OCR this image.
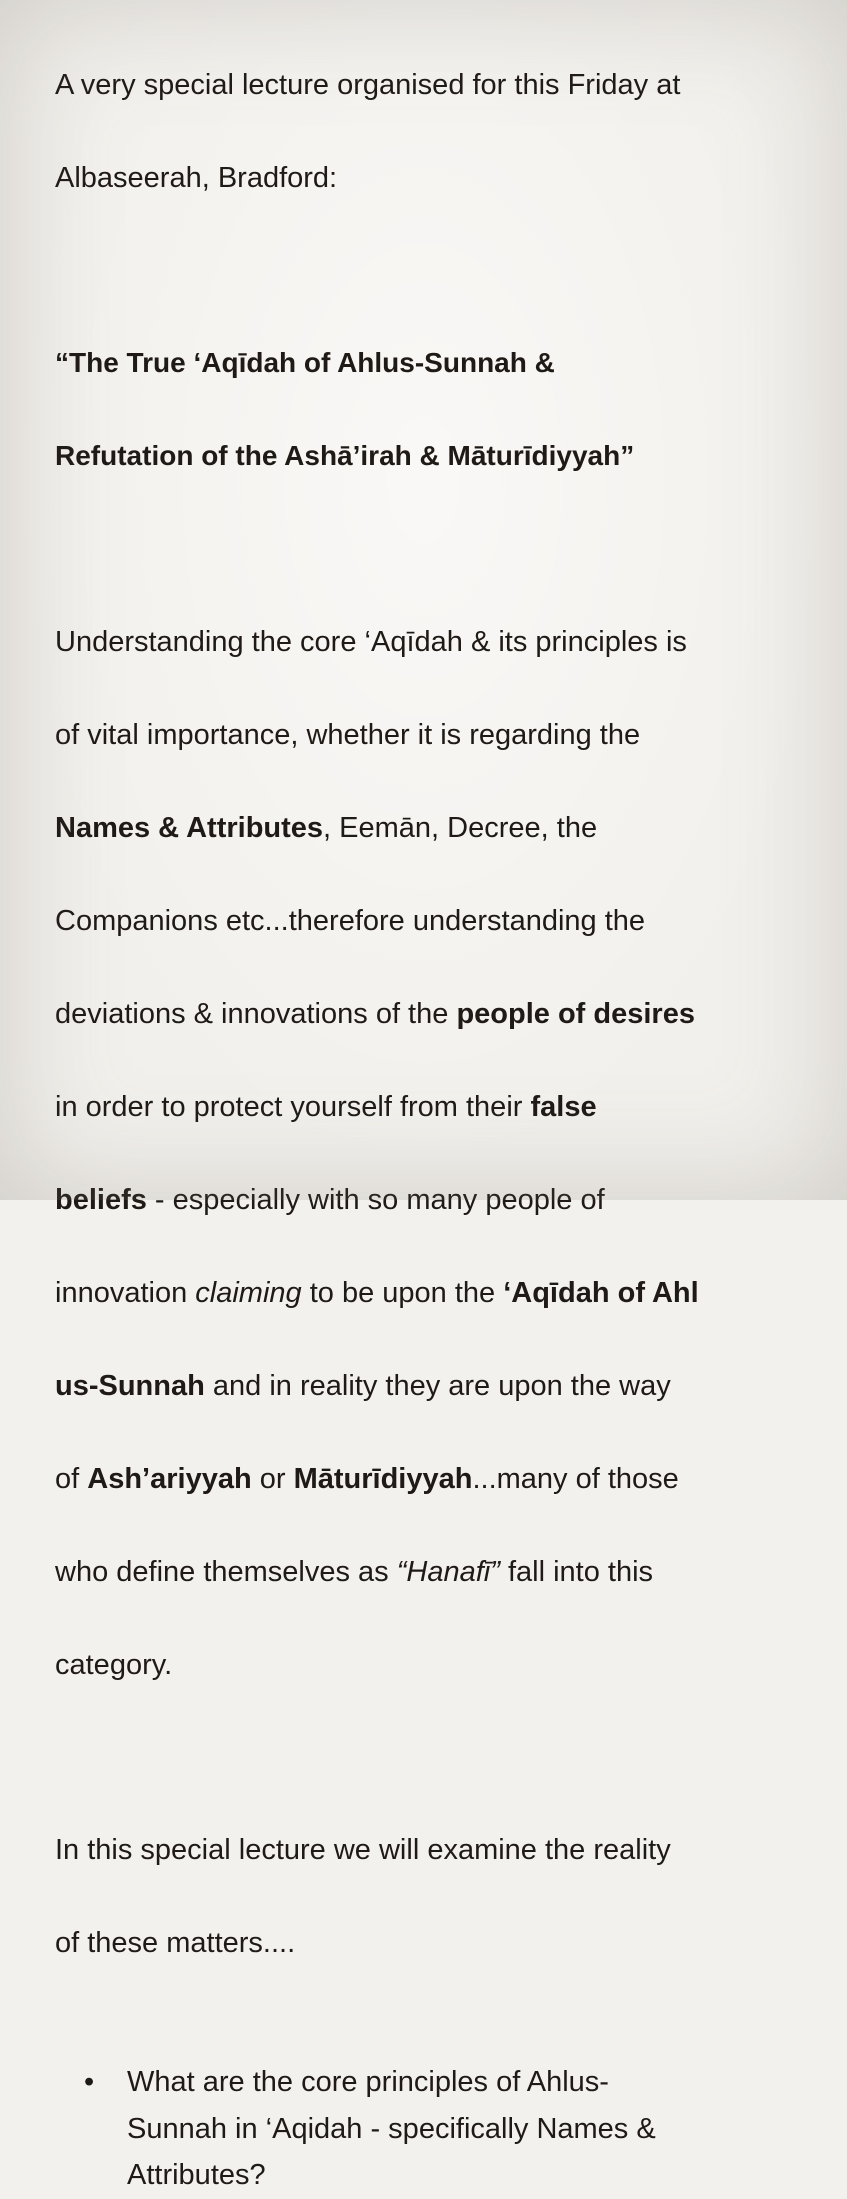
A very special lecture organised for this Friday at

Albaseerah, Bradford:

“The True ‘Aqīdah of Ahlus-Sunnah &

Refutation of the Ashā’irah & Māturīdiyyah”

Understanding the core ‘Aqīdah & its principles is

of vital importance, whether it is regarding the

Names & Attributes, Eemān, Decree, the

Companions etc...therefore understanding the

deviations & innovations of the people of desires

in order to protect yourself from their false

beliefs - especially with so many people of

innovation claiming to be upon the ‘Aqīdah of Ahl

us-Sunnah and in reality they are upon the way

of Ash’ariyyah or Māturīdiyyah...many of those

who define themselves as “Hanafī” fall into this

category.

In this special lecture we will examine the reality

of these matters....

• What are the core principles of Ahlus-
Sunnah in ‘Aqidah - specifically Names &
Attributes?
